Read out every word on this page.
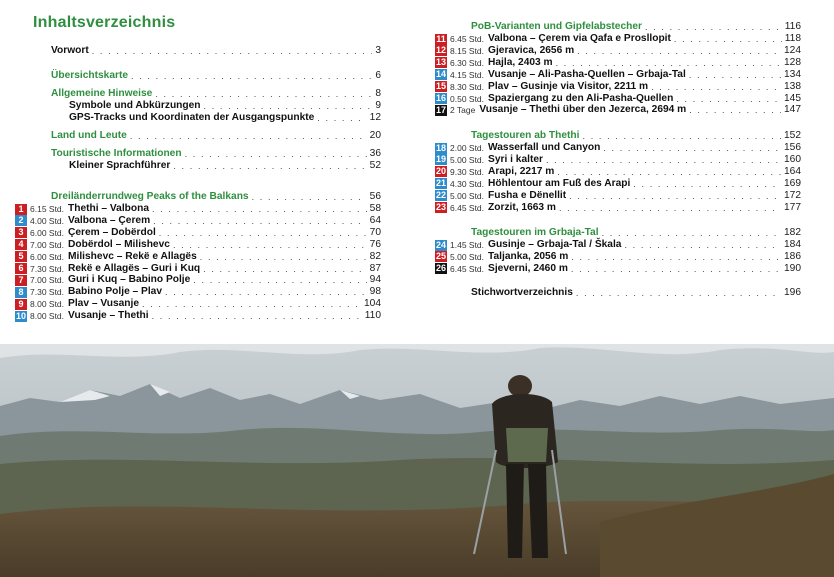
Inhaltsverzeichnis
Vorwort . . .	3
Übersichtskarte . . .	6
Allgemeine Hinweise . . .	8
Symbole und Abkürzungen . . .	9
GPS-Tracks und Koordinaten der Ausgangspunkte . . .	12
Land und Leute . . .	20
Touristische Informationen . . .	36
Kleiner Sprachführer . . .	52
Dreiländerrundweg Peaks of the Balkans . . .	56
1 6.15 Std. Thethi – Valbona . . .	58
2 4.00 Std. Valbona – Çerem . . .	64
3 6.00 Std. Çerem – Dobërdol . . .	70
4 7.00 Std. Dobërdol – Milishevc . . .	76
5 6.00 Std. Milishevc – Rekë e Allagës . . .	82
6 7.30 Std. Rekë e Allagës – Guri i Kuq . . .	87
7 7.00 Std. Guri i Kuq – Babino Polje . . .	94
8 7.30 Std. Babino Polje – Plav . . .	98
9 8.00 Std. Plav – Vusanje . . .	104
10 8.00 Std. Vusanje – Thethi . . .	110
PoB-Varianten und Gipfelabstecher . . .	116
11 6.45 Std. Valbona – Çerem via Qafa e Prosllopit . . .	118
12 8.15 Std. Gjeravica, 2656 m . . .	124
13 6.30 Std. Hajla, 2403 m . . .	128
14 4.15 Std. Vusanje – Ali-Pasha-Quellen – Grbaja-Tal . . .	134
15 8.30 Std. Plav – Gusinje via Visitor, 2211 m . . .	138
16 0.50 Std. Spaziergang zu den Ali-Pasha-Quellen . . .	145
17 2 Tage Vusanje – Thethi über den Jezerca, 2694 m . . .	147
Tagestouren ab Thethi . . .	152
18 2.00 Std. Wasserfall und Canyon . . .	156
19 5.00 Std. Syri i kalter . . .	160
20 9.30 Std. Arapi, 2217 m . . .	164
21 4.30 Std. Höhlentour am Fuß des Arapi . . .	169
22 5.00 Std. Fusha e Dënellit . . .	172
23 6.45 Std. Zorzit, 1663 m . . .	177
Tagestouren im Grbaja-Tal . . .	182
24 1.45 Std. Gusinje – Grbaja-Tal / Škala . . .	184
25 5.00 Std. Taljanka, 2056 m . . .	186
26 6.45 Std. Sjeverni, 2460 m . . .	190
Stichwortverzeichnis . . .	196
